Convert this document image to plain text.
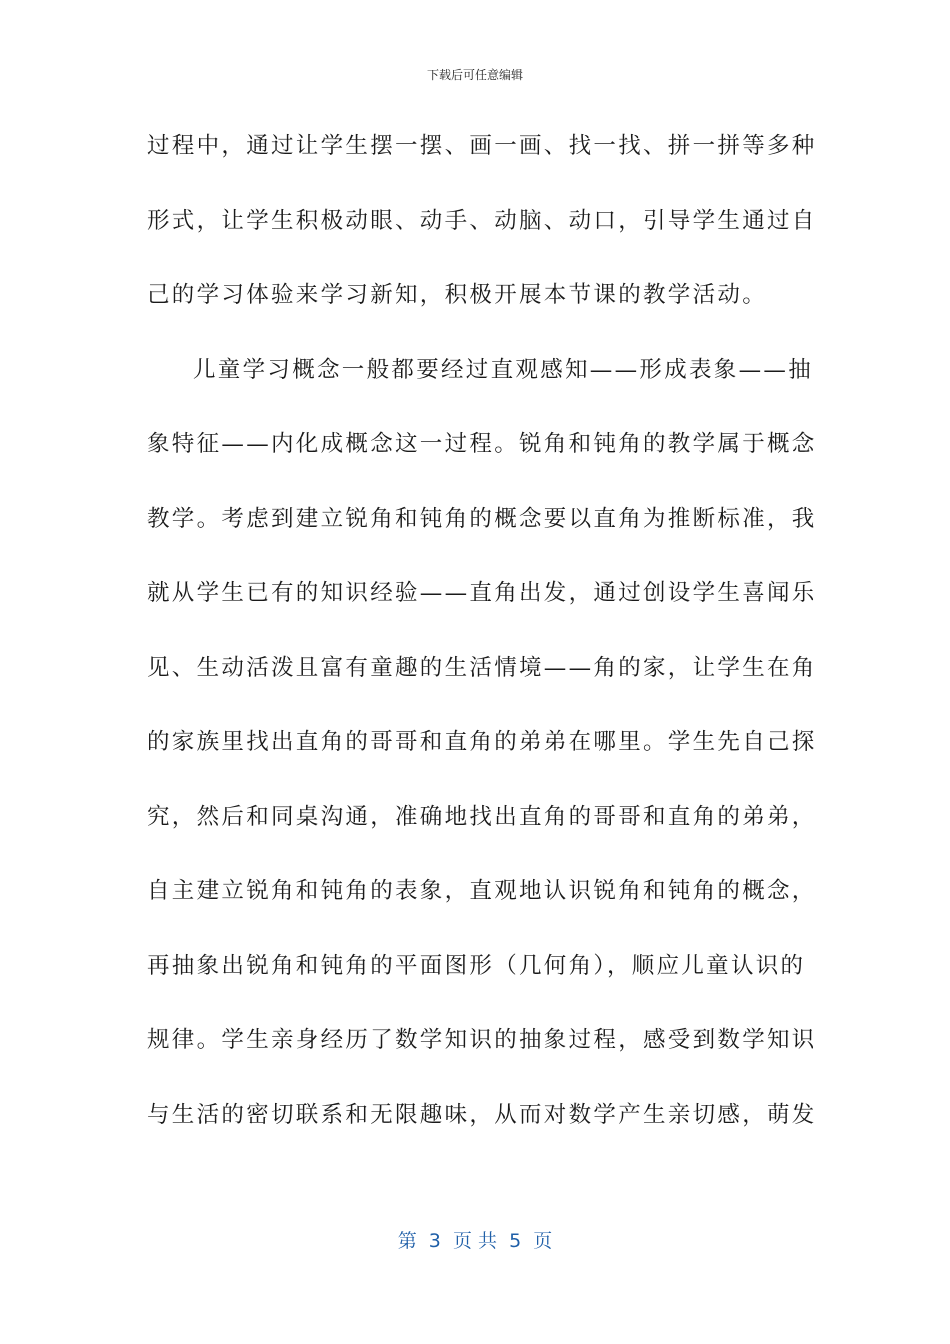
下载后可任意编辑
过程中，通过让学生摆一摆、画一画、找一找、拼一拼等多种
形式，让学生积极动眼、动手、动脑、动口，引导学生通过自
己的学习体验来学习新知，积极开展本节课的教学活动。
儿童学习概念一般都要经过直观感知——形成表象——抽
象特征——内化成概念这一过程。锐角和钝角的教学属于概念
教学。考虑到建立锐角和钝角的概念要以直角为推断标准，我
就从学生已有的知识经验——直角出发，通过创设学生喜闻乐
见、生动活泼且富有童趣的生活情境——角的家，让学生在角
的家族里找出直角的哥哥和直角的弟弟在哪里。学生先自己探
究，然后和同桌沟通，准确地找出直角的哥哥和直角的弟弟，
自主建立锐角和钝角的表象，直观地认识锐角和钝角的概念，
再抽象出锐角和钝角的平面图形（几何角），顺应儿童认识的
规律。学生亲身经历了数学知识的抽象过程，感受到数学知识
与生活的密切联系和无限趣味，从而对数学产生亲切感，萌发
第  3  页 共  5  页
